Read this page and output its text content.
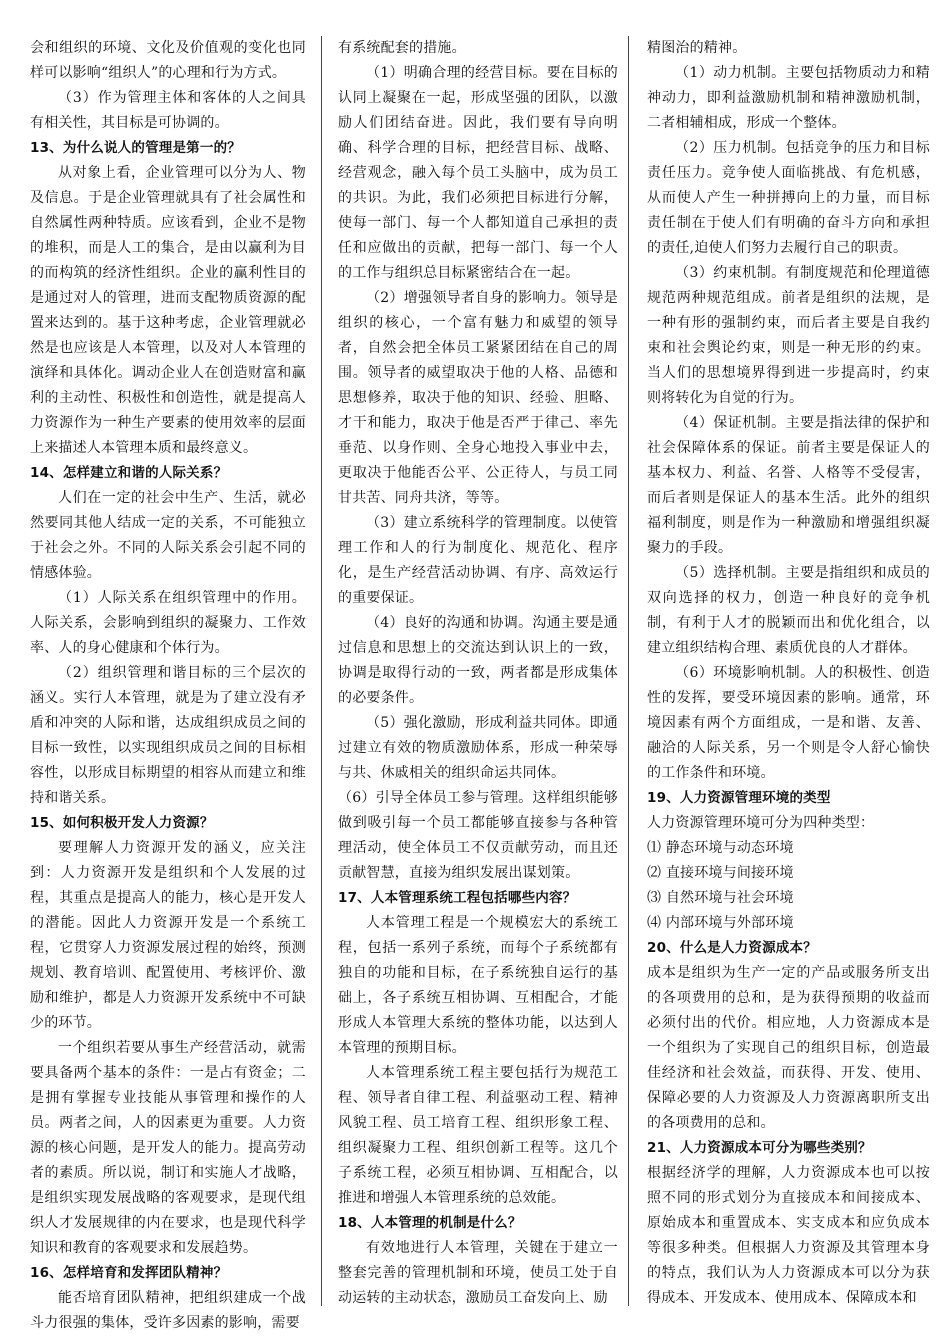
会和组织的环境、文化及价值观的变化也同样可以影响“组织人”的心理和行为方式。

（3）作为管理主体和客体的人之间具有相关性，其目标是可协调的。

13、为什么说人的管理是第一的？

从对象上看，企业管理可以分为人、物及信息。于是企业管理就具有了社会属性和自然属性两种特质。应该看到，企业不是物的堆积，而是人工的集合，是由以赢利为目的而构筑的经济性组织。企业的赢利性目的是通过对人的管理，进而支配物质资源的配置来达到的。基于这种考虑，企业管理就必然是也应该是人本管理，以及对人本管理的演绎和具体化。调动企业人在创造财富和赢利的主动性、积极性和创造性，就是提高人力资源作为一种生产要素的使用效率的层面上来描述人本管理本质和最终意义。

14、怎样建立和谐的人际关系？

人们在一定的社会中生产、生活，就必然要同其他人结成一定的关系，不可能独立于社会之外。不同的人际关系会引起不同的情感体验。

（1）人际关系在组织管理中的作用。人际关系，会影响到组织的凝聚力、工作效率、人的身心健康和个体行为。

（2）组织管理和谐目标的三个层次的涵义。实行人本管理，就是为了建立没有矛盾和冲突的人际和谐，达成组织成员之间的目标一致性，以实现组织成员之间的目标相容性，以形成目标期望的相容从而建立和维持和谐关系。

15、如何积极开发人力资源？

要理解人力资源开发的涵义，应关注到：人力资源开发是组织和个人发展的过程，其重点是提高人的能力，核心是开发人的潜能。因此人力资源开发是一个系统工程，它贯穿人力资源发展过程的始终，预测规划、教育培训、配置使用、考核评价、激励和维护，都是人力资源开发系统中不可缺少的环节。

一个组织若要从事生产经营活动，就需要具备两个基本的条件：一是占有资金；二是拥有掌握专业技能从事管理和操作的人员。两者之间，人的因素更为重要。人力资源的核心问题，是开发人的能力。提高劳动者的素质。所以说，制订和实施人才战略，是组织实现发展战略的客观要求，是现代组织人才发展规律的内在要求，也是现代科学知识和教育的客观要求和发展趋势。

16、怎样培育和发挥团队精神？

能否培育团队精神，把组织建成一个战斗力很强的集体，受许多因素的影响，需要

有系统配套的措施。

（1）明确合理的经营目标。要在目标的认同上凝聚在一起，形成坚强的团队，以激励人们团结奋进。因此，我们要有导向明确、科学合理的目标，把经营目标、战略、经营观念，融入每个员工头脑中，成为员工的共识。为此，我们必须把目标进行分解，使每一部门、每一个人都知道自己承担的责任和应做出的贡献，把每一部门、每一个人的工作与组织总目标紧密结合在一起。

（2）增强领导者自身的影响力。领导是组织的核心，一个富有魅力和威望的领导者，自然会把全体员工紧紧团结在自己的周围。领导者的威望取决于他的人格、品德和思想修养，取决于他的知识、经验、胆略、才干和能力，取决于他是否严于律己、率先垂范、以身作则、全身心地投入事业中去，更取决于他能否公平、公正待人，与员工同甘共苦、同舟共济，等等。

（3）建立系统科学的管理制度。以使管理工作和人的行为制度化、规范化、程序化，是生产经营活动协调、有序、高效运行的重要保证。

（4）良好的沟通和协调。沟通主要是通过信息和思想上的交流达到认识上的一致，协调是取得行动的一致，两者都是形成集体的必要条件。

（5）强化激励，形成利益共同体。即通过建立有效的物质激励体系，形成一种荣辱与共、休戚相关的组织命运共同体。

（6）引导全体员工参与管理。这样组织能够做到吸引每一个员工都能够直接参与各种管理活动，使全体员工不仅贡献劳动，而且还贡献智慧，直接为组织发展出谋划策。

17、人本管理系统工程包括哪些内容？

人本管理工程是一个规模宏大的系统工程，包括一系列子系统，而每个子系统都有独自的功能和目标，在子系统独自运行的基础上，各子系统互相协调、互相配合，才能形成人本管理大系统的整体功能，以达到人本管理的预期目标。

人本管理系统工程主要包括行为规范工程、领导者自律工程、利益驱动工程、精神风貌工程、员工培育工程、组织形象工程、组织凝聚力工程、组织创新工程等。这几个子系统工程，必须互相协调、互相配合，以推进和增强人本管理系统的总效能。

18、人本管理的机制是什么？

有效地进行人本管理，关键在于建立一整套完善的管理机制和环境，使员工处于自动运转的主动状态，激励员工奋发向上、励

精图治的精神。

（1）动力机制。主要包括物质动力和精神动力，即利益激励机制和精神激励机制，二者相辅相成，形成一个整体。

（2）压力机制。包括竞争的压力和目标责任压力。竞争使人面临挑战、有危机感，从而使人产生一种拼搏向上的力量，而目标责任制在于使人们有明确的奋斗方向和承担的责任,迫使人们努力去履行自己的职责。

（3）约束机制。有制度规范和伦理道德规范两种规范组成。前者是组织的法规，是一种有形的强制约束，而后者主要是自我约束和社会舆论约束，则是一种无形的约束。当人们的思想境界得到进一步提高时，约束则将转化为自觉的行为。

（4）保证机制。主要是指法律的保护和社会保障体系的保证。前者主要是保证人的基本权力、利益、名誉、人格等不受侵害，而后者则是保证人的基本生活。此外的组织福利制度，则是作为一种激励和增强组织凝聚力的手段。

（5）选择机制。主要是指组织和成员的双向选择的权力，创造一种良好的竞争机制，有利于人才的脱颖而出和优化组合，以建立组织结构合理、素质优良的人才群体。

（6）环境影响机制。人的积极性、创造性的发挥，要受环境因素的影响。通常，环境因素有两个方面组成，一是和谐、友善、融洽的人际关系，另一个则是令人舒心愉快的工作条件和环境。

19、人力资源管理环境的类型

人力资源管理环境可分为四种类型：

⑴ 静态环境与动态环境

⑵ 直接环境与间接环境

⑶ 自然环境与社会环境

⑷ 内部环境与外部环境

20、什么是人力资源成本？

成本是组织为生产一定的产品或服务所支出的各项费用的总和，是为获得预期的收益而必须付出的代价。相应地，人力资源成本是一个组织为了实现自己的组织目标，创造最佳经济和社会效益，而获得、开发、使用、保障必要的人力资源及人力资源离职所支出的各项费用的总和。

21、人力资源成本可分为哪些类别？

根据经济学的理解，人力资源成本也可以按照不同的形式划分为直接成本和间接成本、原始成本和重置成本、实支成本和应负成本等很多种类。但根据人力资源及其管理本身的特点，我们认为人力资源成本可以分为获得成本、开发成本、使用成本、保障成本和
